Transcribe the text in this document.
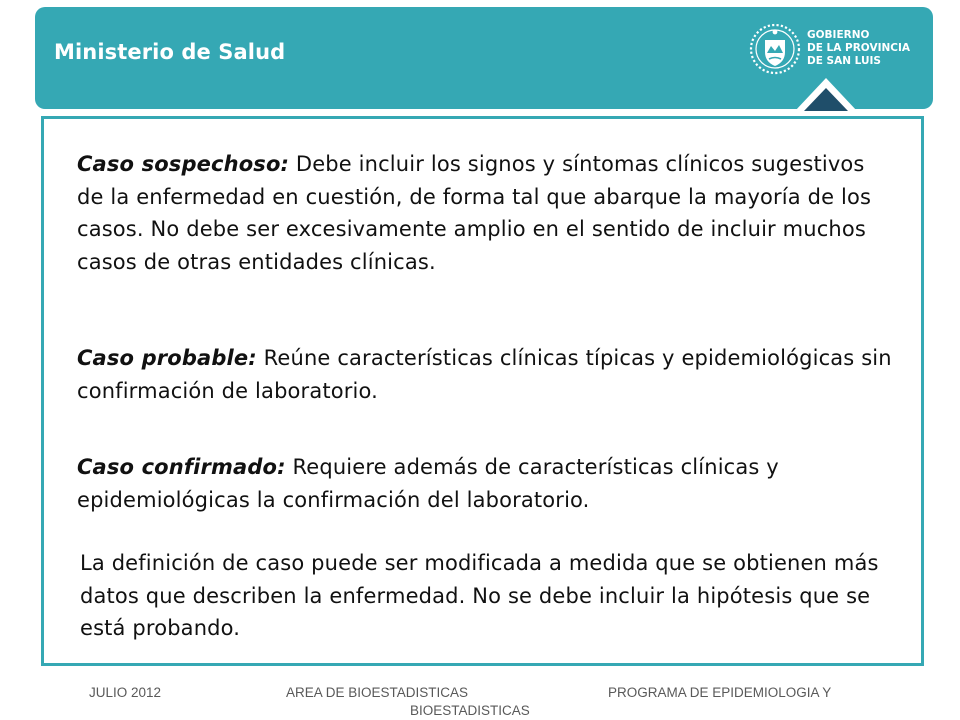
Ministerio de Salud
GOBIERNO
DE LA PROVINCIA
DE SAN LUIS

Caso sospechoso: Debe incluir los signos y síntomas clínicos sugestivos de la enfermedad en cuestión, de forma tal que abarque la mayoría de los casos. No debe ser excesivamente amplio en el sentido de incluir muchos casos de otras entidades clínicas.

Caso probable: Reúne características clínicas típicas y epidemiológicas sin confirmación de laboratorio.

Caso confirmado: Requiere además de características clínicas y epidemiológicas la confirmación del laboratorio.

La definición de caso puede ser modificada a medida que se obtienen más datos que describen la enfermedad. No se debe incluir la hipótesis que se está probando.

JULIO 2012	AREA DE BIOESTADISTICAS	PROGRAMA DE EPIDEMIOLOGIA Y
BIOESTADISTICAS
